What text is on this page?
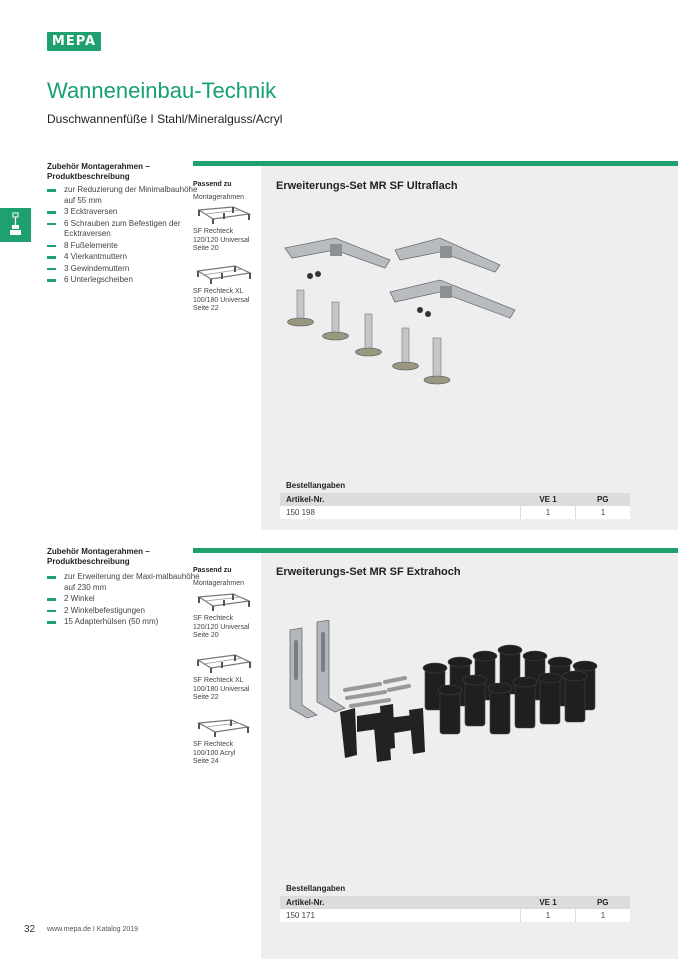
MEPA
Wanneneinbau-Technik
Duschwannenfüße I Stahl/Mineralguss/Acryl
Zubehör Montagerahmen – Produktbeschreibung
zur Reduzierung der Minimalbauhöhe auf 55 mm
3 Ecktraversen
6 Schrauben zum Befestigen der Ecktraversen
8 Fußelemente
4 Vierkantmuttern
3 Gewindemuttern
6 Unterlegscheiben
Passend zu
Montagerahmen
SF Rechteck
120/120 Universal
Seite 20
SF Rechteck XL
100/180 Universal
Seite 22
Erweiterungs-Set MR SF Ultraflach
Bestellangaben
Artikel-Nr.	VE 1	PG
150 198	1	1
Zubehör Montagerahmen – Produktbeschreibung
zur Erweiterung der Maxi-malbauhöhe auf 230 mm
2 Winkel
2 Winkelbefestigungen
15 Adapterhülsen (50 mm)
Passend zu
Montagerahmen
SF Rechteck
120/120 Universal
Seite 20
SF Rechteck XL
100/180 Universal
Seite 22
SF Rechteck
100/100 Acryl
Seite 24
Erweiterungs-Set MR SF Extrahoch
Bestellangaben
Artikel-Nr.	VE 1	PG
150 171	1	1
32 www.mepa.de I Katalog 2019
